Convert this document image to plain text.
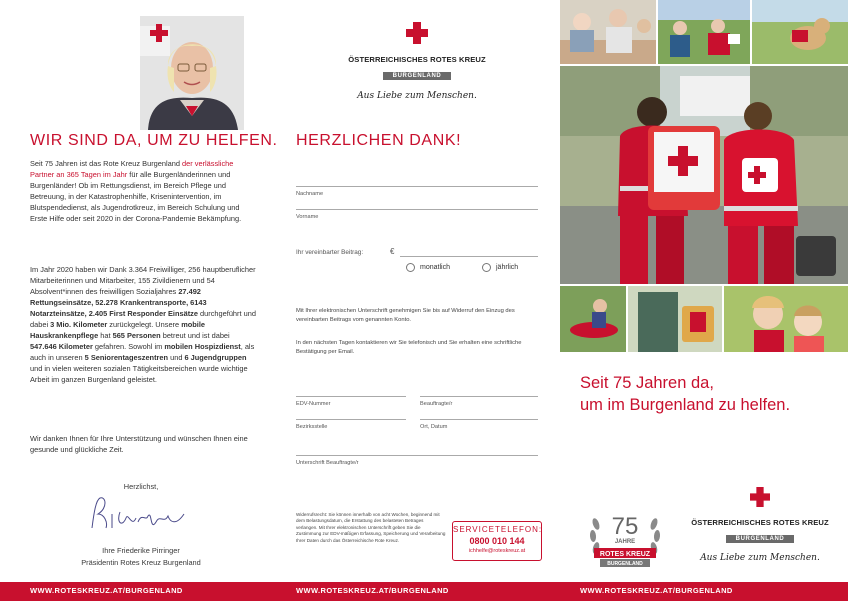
WIR SIND DA, UM ZU HELFEN.

Seit 75 Jahren ist das Rote Kreuz Burgenland der verlässliche Partner an 365 Tagen im Jahr für alle Burgenländerinnen und Burgenländer! Ob im Rettungsdienst, im Bereich Pflege und Betreuung, in der Katastrophenhilfe, Krisenintervention, im Blutspendedienst, als Jugendrotkreuz, im Bereich Schulung und Erste Hilfe oder seit 2020 in der Corona-Pandemie Bekämpfung.

Im Jahr 2020 haben wir Dank 3.364 Freiwilliger, 256 hauptberuflicher Mitarbeiterinnen und Mitarbeiter, 155 Zivildienern und 54 Absolvent*innen des freiwilligen Sozialjahres 27.492 Rettungseinsätze, 52.278 Krankentransporte, 6143 Notarzteinsätze, 2.405 First Responder Einsätze durchgeführt und dabei 3 Mio. Kilometer zurückgelegt. Unsere mobile Hauskrankenpflege hat 565 Personen betreut und ist dabei 547.646 Kilometer gefahren. Sowohl im mobilen Hospizdienst, als auch in unseren 5 Seniorentageszentren und 6 Jugendgruppen und in vielen weiteren sozialen Tätigkeitsbereichen wurde wichtige Arbeit im ganzen Burgenland geleistet.

Wir danken Ihnen für Ihre Unterstützung und wünschen Ihnen eine gesunde und glückliche Zeit.

Herzlichst,
Ihre Friederike Pirringer
Präsidentin Rotes Kreuz Burgenland
ÖSTERREICHISCHES ROTES KREUZ
BURGENLAND
Aus Liebe zum Menschen.
HERZLICHEN DANK!
Nachname
Vorname
Ihr vereinbarter Beitrag:	€
monatlich	jährlich

Mit Ihrer elektronischen Unterschrift genehmigen Sie bis auf Widerruf den Einzug des vereinbarten Beitrags vom genannten Konto.

In den nächsten Tagen kontaktieren wir Sie telefonisch und Sie erhalten eine schriftliche Bestätigung per Email.

EDV-Nummer	Beauftragte/r
Bezirksstelle	Ort, Datum
Unterschrift Beauftragte/r

Widerrufsrecht: Sie können innerhalb von acht Wochen, beginnend mit dem Belastungsdatum, die Erstattung des belasteten Betrages verlangen. Mit Ihrer elektronischen Unterschrift geben Sie die Zustimmung zur EDV-mäßigen Erfassung, Speicherung und Verarbeitung Ihrer Daten durch das Österreichische Rote Kreuz.

SERVICETELEFON:
0800 010 144
ichhelfe@roteskreuz.at
Seit 75 Jahren da,
um im Burgenland zu helfen.
75
JAHRE
ROTES KREUZ
BURGENLAND
ÖSTERREICHISCHES ROTES KREUZ
BURGENLAND
Aus Liebe zum Menschen.
WWW.ROTESKREUZ.AT/BURGENLAND	WWW.ROTESKREUZ.AT/BURGENLAND	WWW.ROTESKREUZ.AT/BURGENLAND
